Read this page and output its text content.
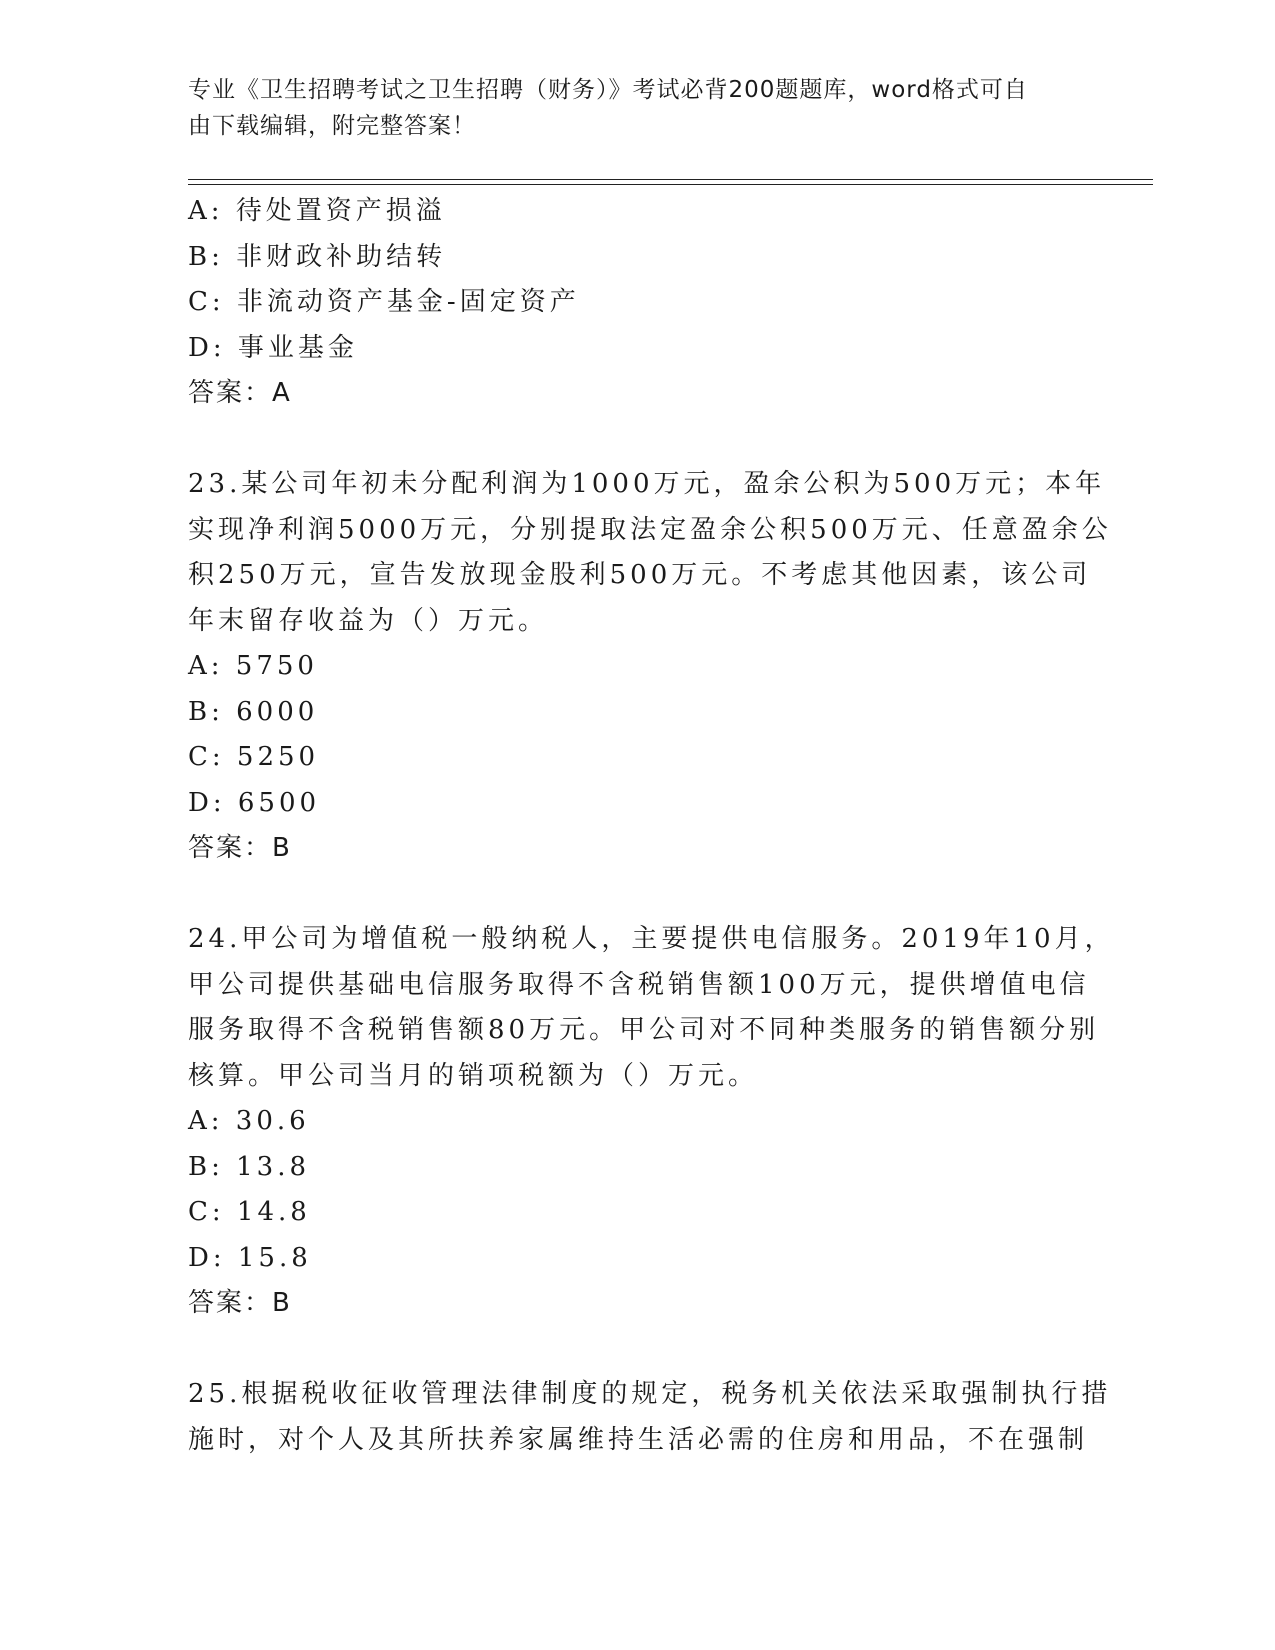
专业《卫生招聘考试之卫生招聘（财务）》考试必背200题题库，word格式可自
由下载编辑，附完整答案！
A: 待处置资产损溢
B: 非财政补助结转
C: 非流动资产基金-固定资产
D: 事业基金
答案：A
23.某公司年初未分配利润为1000万元，盈余公积为500万元；本年
实现净利润5000万元，分别提取法定盈余公积500万元、任意盈余公
积250万元，宣告发放现金股利500万元。不考虑其他因素，该公司
年末留存收益为（）万元。
A: 5750
B: 6000
C: 5250
D: 6500
答案：B
24.甲公司为增值税一般纳税人，主要提供电信服务。2019年10月，
甲公司提供基础电信服务取得不含税销售额100万元，提供增值电信
服务取得不含税销售额80万元。甲公司对不同种类服务的销售额分别
核算。甲公司当月的销项税额为（）万元。
A: 30.6
B: 13.8
C: 14.8
D: 15.8
答案：B
25.根据税收征收管理法律制度的规定，税务机关依法采取强制执行措
施时，对个人及其所扶养家属维持生活必需的住房和用品，不在强制
